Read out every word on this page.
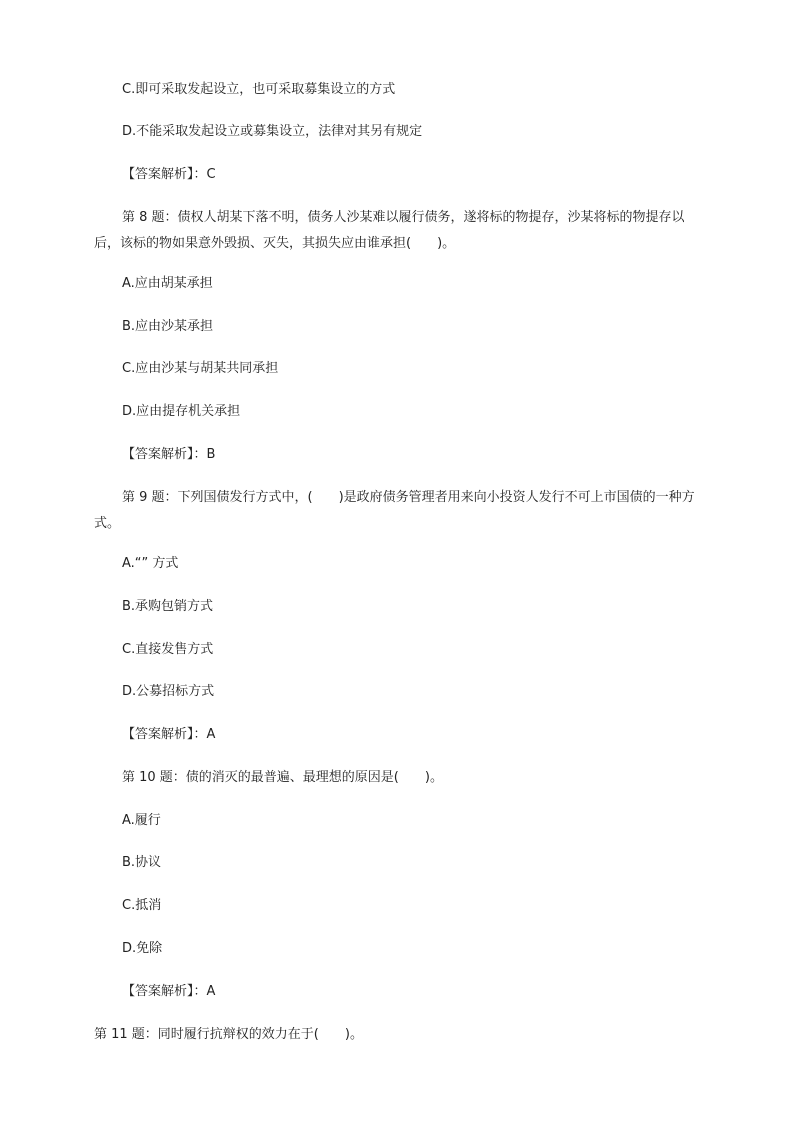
C.即可采取发起设立，也可采取募集设立的方式
D.不能采取发起设立或募集设立，法律对其另有规定
【答案解析】：C
第 8 题：债权人胡某下落不明，债务人沙某难以履行债务，遂将标的物提存，沙某将标的物提存以后，该标的物如果意外毁损、灭失，其损失应由谁承担(　　)。
A.应由胡某承担
B.应由沙某承担
C.应由沙某与胡某共同承担
D.应由提存机关承担
【答案解析】：B
第 9 题：下列国债发行方式中，(　　)是政府债务管理者用来向小投资人发行不可上市国债的一种方式。
A.“” 方式
B.承购包销方式
C.直接发售方式
D.公募招标方式
【答案解析】：A
第 10 题：债的消灭的最普遍、最理想的原因是(　　)。
A.履行
B.协议
C.抵消
D.免除
【答案解析】：A
第 11 题：同时履行抗辩权的效力在于(　　)。
